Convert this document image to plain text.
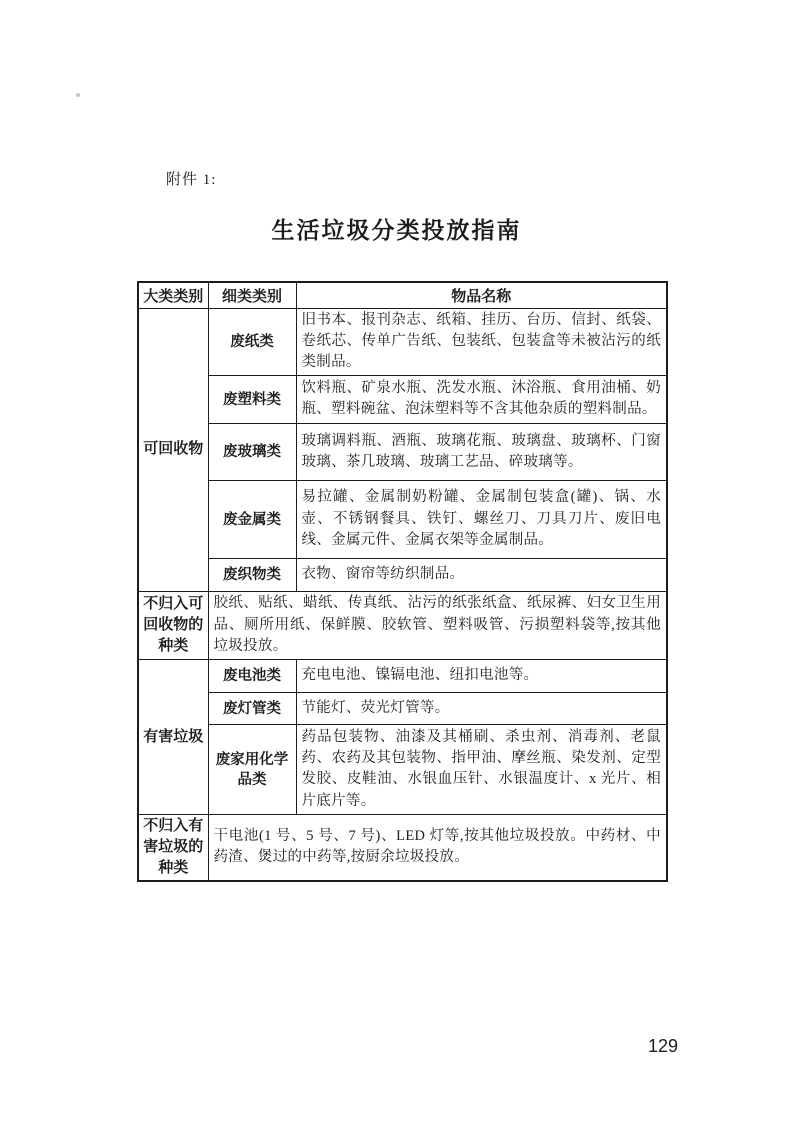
附件 1:
生活垃圾分类投放指南
大类类别	细类类别	物品名称
可回收物	废纸类	旧书本、报刊杂志、纸箱、挂历、台历、信封、纸袋、卷纸芯、传单广告纸、包装纸、包装盒等未被沾污的纸类制品。
	废塑料类	饮料瓶、矿泉水瓶、洗发水瓶、沐浴瓶、食用油桶、奶瓶、塑料碗盆、泡沫塑料等不含其他杂质的塑料制品。
	废玻璃类	玻璃调料瓶、酒瓶、玻璃花瓶、玻璃盘、玻璃杯、门窗玻璃、茶几玻璃、玻璃工艺品、碎玻璃等。
	废金属类	易拉罐、金属制奶粉罐、金属制包装盒(罐)、锅、水壶、不锈钢餐具、铁钉、螺丝刀、刀具刀片、废旧电线、金属元件、金属衣架等金属制品。
	废织物类	衣物、窗帘等纺织制品。
不归入可回收物的种类	胶纸、贴纸、蜡纸、传真纸、沾污的纸张纸盒、纸尿裤、妇女卫生用品、厕所用纸、保鲜膜、胶软管、塑料吸管、污损塑料袋等,按其他垃圾投放。	
有害垃圾	废电池类	充电电池、镍镉电池、纽扣电池等。
	废灯管类	节能灯、荧光灯管等。
	废家用化学品类	药品包装物、油漆及其桶刷、杀虫剂、消毒剂、老鼠药、农药及其包装物、指甲油、摩丝瓶、染发剂、定型发胶、皮鞋油、水银血压针、水银温度计、x 光片、相片底片等。
不归入有害垃圾的种类	干电池(1 号、5 号、7 号)、LED 灯等,按其他垃圾投放。中药材、中药渣、煲过的中药等,按厨余垃圾投放。	
129
